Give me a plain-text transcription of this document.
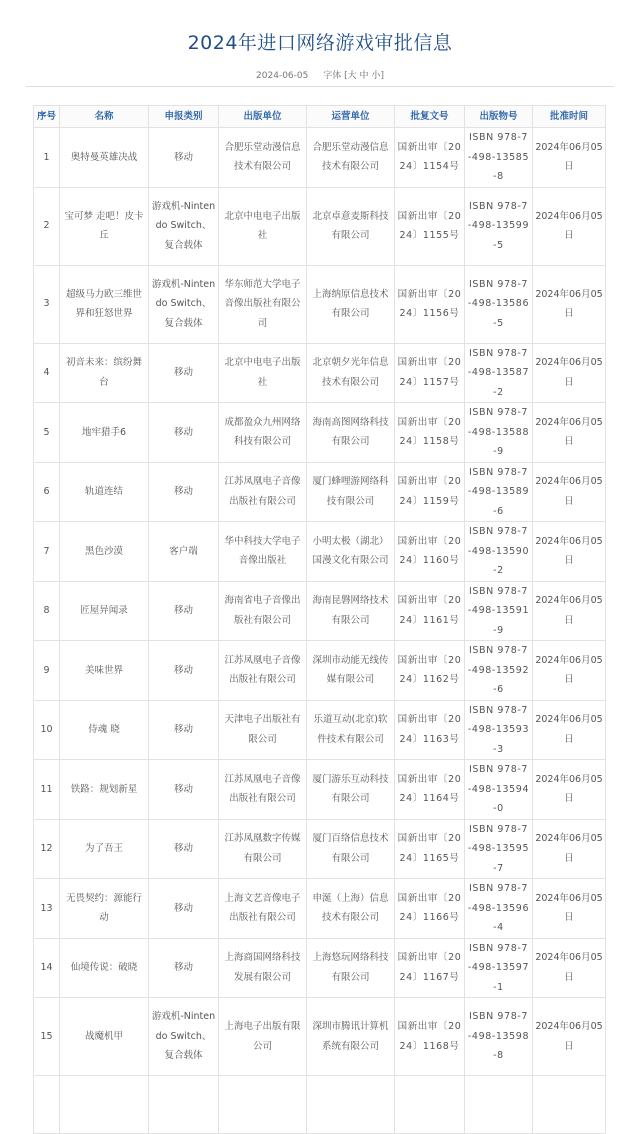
2024年进口网络游戏审批信息
2024-06-05 字体 [大 中 小]
序号	名称	申报类别	出版单位	运营单位	批复文号	出版物号	批准时间
1	奥特曼英雄决战	移动	合肥乐堂动漫信息技术有限公司	合肥乐堂动漫信息技术有限公司	国新出审〔2024〕1154号	ISBN 978-7-498-13585-8	2024年06月05日
2	宝可梦 走吧！皮卡丘	游戏机-Nintendo Switch、复合载体	北京中电电子出版社	北京卓意麦斯科技有限公司	国新出审〔2024〕1155号	ISBN 978-7-498-13599-5	2024年06月05日
3	超级马力欧三维世界和狂怒世界	游戏机-Nintendo Switch、复合载体	华东师范大学电子音像出版社有限公司	上海纳原信息技术有限公司	国新出审〔2024〕1156号	ISBN 978-7-498-13586-5	2024年06月05日
4	初音未来：缤纷舞台	移动	北京中电电子出版社	北京朝夕光年信息技术有限公司	国新出审〔2024〕1157号	ISBN 978-7-498-13587-2	2024年06月05日
5	地牢猎手6	移动	成都盈众九州网络科技有限公司	海南高图网络科技有限公司	国新出审〔2024〕1158号	ISBN 978-7-498-13588-9	2024年06月05日
6	轨道连结	移动	江苏凤凰电子音像出版社有限公司	厦门蜂哩游网络科技有限公司	国新出审〔2024〕1159号	ISBN 978-7-498-13589-6	2024年06月05日
7	黑色沙漠	客户端	华中科技大学电子音像出版社	小明太极（湖北）国漫文化有限公司	国新出审〔2024〕1160号	ISBN 978-7-498-13590-2	2024年06月05日
8	匠屋异闻录	移动	海南省电子音像出版社有限公司	海南昆磐网络技术有限公司	国新出审〔2024〕1161号	ISBN 978-7-498-13591-9	2024年06月05日
9	美味世界	移动	江苏凤凰电子音像出版社有限公司	深圳市动能无线传媒有限公司	国新出审〔2024〕1162号	ISBN 978-7-498-13592-6	2024年06月05日
10	侍魂 晓	移动	天津电子出版社有限公司	乐道互动(北京)软件技术有限公司	国新出审〔2024〕1163号	ISBN 978-7-498-13593-3	2024年06月05日
11	铁路：规划新星	移动	江苏凤凰电子音像出版社有限公司	厦门游乐互动科技有限公司	国新出审〔2024〕1164号	ISBN 978-7-498-13594-0	2024年06月05日
12	为了吾王	移动	江苏凤凰数字传媒有限公司	厦门百络信息技术有限公司	国新出审〔2024〕1165号	ISBN 978-7-498-13595-7	2024年06月05日
13	无畏契约：源能行动	移动	上海文艺音像电子出版社有限公司	申涎（上海）信息技术有限公司	国新出审〔2024〕1166号	ISBN 978-7-498-13596-4	2024年06月05日
14	仙境传说：破晓	移动	上海商国网络科技发展有限公司	上海悠玩网络科技有限公司	国新出审〔2024〕1167号	ISBN 978-7-498-13597-1	2024年06月05日
15	战魔机甲	游戏机-Nintendo Switch、复合载体	上海电子出版有限公司	深圳市腾讯计算机系统有限公司	国新出审〔2024〕1168号	ISBN 978-7-498-13598-8	2024年06月05日
